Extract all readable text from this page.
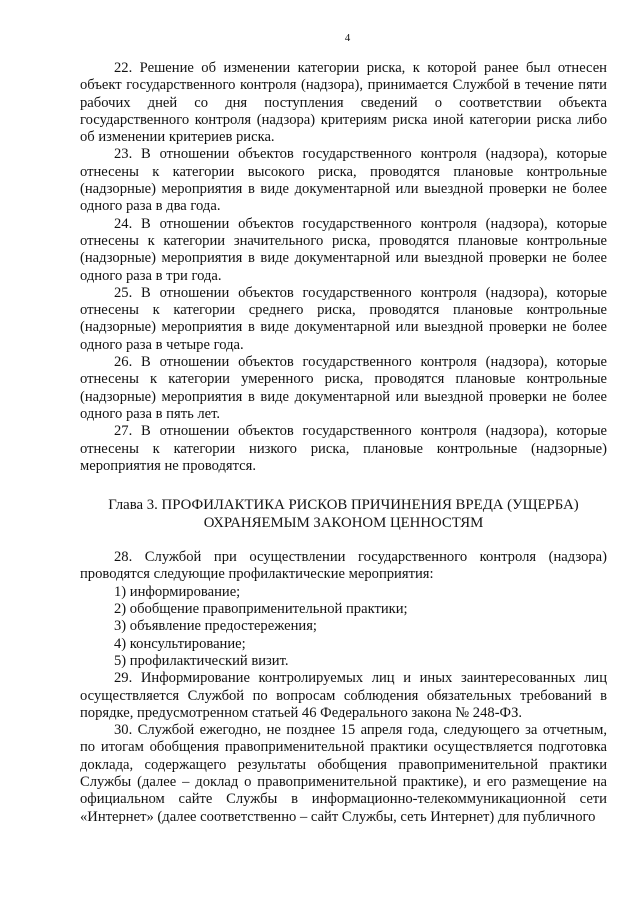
4

22. Решение об изменении категории риска, к которой ранее был отнесен объект государственного контроля (надзора), принимается Службой в течение пяти рабочих дней со дня поступления сведений о соответствии объекта государственного контроля (надзора) критериям риска иной категории риска либо об изменении критериев риска.

23. В отношении объектов государственного контроля (надзора), которые отнесены к категории высокого риска, проводятся плановые контрольные (надзорные) мероприятия в виде документарной или выездной проверки не более одного раза в два года.

24. В отношении объектов государственного контроля (надзора), которые отнесены к категории значительного риска, проводятся плановые контрольные (надзорные) мероприятия в виде документарной или выездной проверки не более одного раза в три года.

25. В отношении объектов государственного контроля (надзора), которые отнесены к категории среднего риска, проводятся плановые контрольные (надзорные) мероприятия в виде документарной или выездной проверки не более одного раза в четыре года.

26. В отношении объектов государственного контроля (надзора), которые отнесены к категории умеренного риска, проводятся плановые контрольные (надзорные) мероприятия в виде документарной или выездной проверки не более одного раза в пять лет.

27. В отношении объектов государственного контроля (надзора), которые отнесены к категории низкого риска, плановые контрольные (надзорные) мероприятия не проводятся.

Глава 3. ПРОФИЛАКТИКА РИСКОВ ПРИЧИНЕНИЯ ВРЕДА (УЩЕРБА)
ОХРАНЯЕМЫМ ЗАКОНОМ ЦЕННОСТЯМ

28. Службой при осуществлении государственного контроля (надзора) проводятся следующие профилактические мероприятия:

1) информирование;

2) обобщение правоприменительной практики;

3) объявление предостережения;

4) консультирование;

5) профилактический визит.

29. Информирование контролируемых лиц и иных заинтересованных лиц осуществляется Службой по вопросам соблюдения обязательных требований в порядке, предусмотренном статьей 46 Федерального закона № 248-ФЗ.

30. Службой ежегодно, не позднее 15 апреля года, следующего за отчетным, по итогам обобщения правоприменительной практики осуществляется подготовка доклада, содержащего результаты обобщения правоприменительной практики Службы (далее – доклад о правоприменительной практике), и его размещение на официальном сайте Службы в информационно-телекоммуникационной сети «Интернет» (далее соответственно – сайт Службы, сеть Интернет) для публичного
